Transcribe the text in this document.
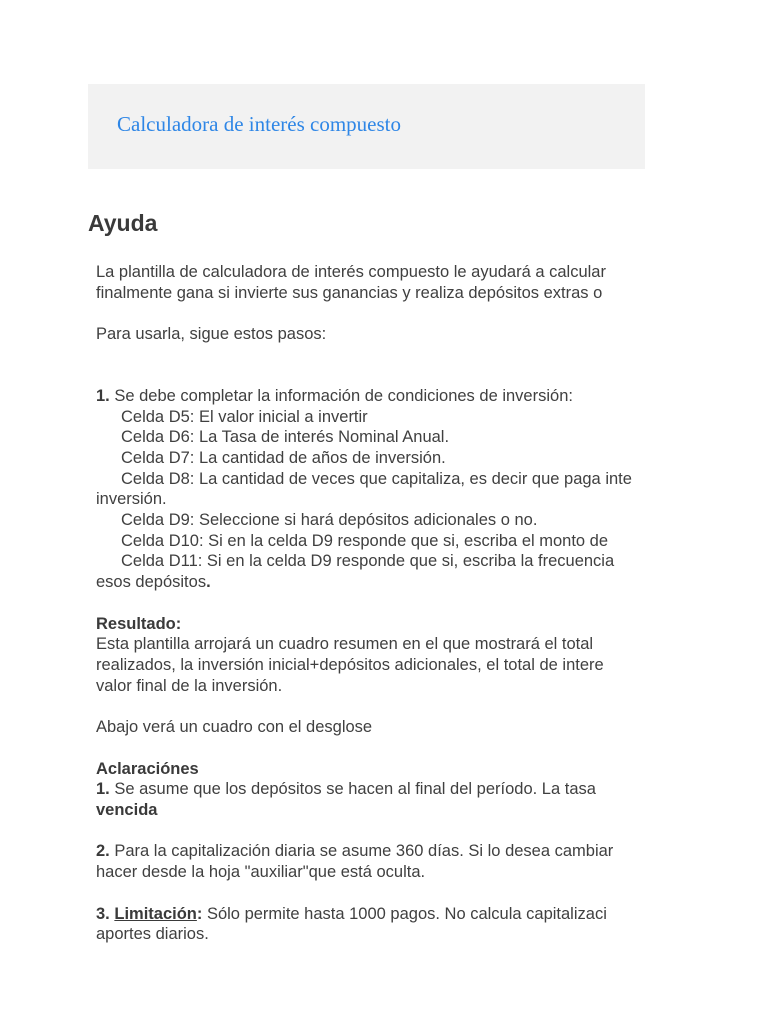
Calculadora de interés compuesto
Ayuda
La plantilla de calculadora de interés compuesto le ayudará a calcular
finalmente gana si invierte sus ganancias y realiza depósitos extras o
Para usarla, sigue estos pasos:
1. Se debe completar la información de condiciones de inversión:
Celda D5: El valor inicial a invertir
Celda D6: La Tasa de interés Nominal Anual.
Celda D7: La cantidad de años de inversión.
Celda D8: La cantidad de veces que capitaliza, es decir que paga inte
inversión.
Celda D9: Seleccione si hará depósitos adicionales o no.
Celda D10: Si en la celda D9 responde que si, escriba el monto de
Celda D11: Si en la celda D9 responde que si, escriba la frecuencia
esos depósitos.
Resultado:
Esta plantilla arrojará un cuadro resumen en el que mostrará el total
realizados, la inversión inicial+depósitos adicionales, el total de intere
valor final de la inversión.
Abajo verá un cuadro con el desglose
Aclaraciónes
1. Se asume que los depósitos se hacen al final del período. La tasa
vencida
2. Para la capitalización diaria se asume 360 días. Si lo desea cambiar
hacer desde la hoja "auxiliar"que está oculta.
3. Limitación: Sólo permite hasta 1000 pagos. No calcula capitalizaci
aportes diarios.
